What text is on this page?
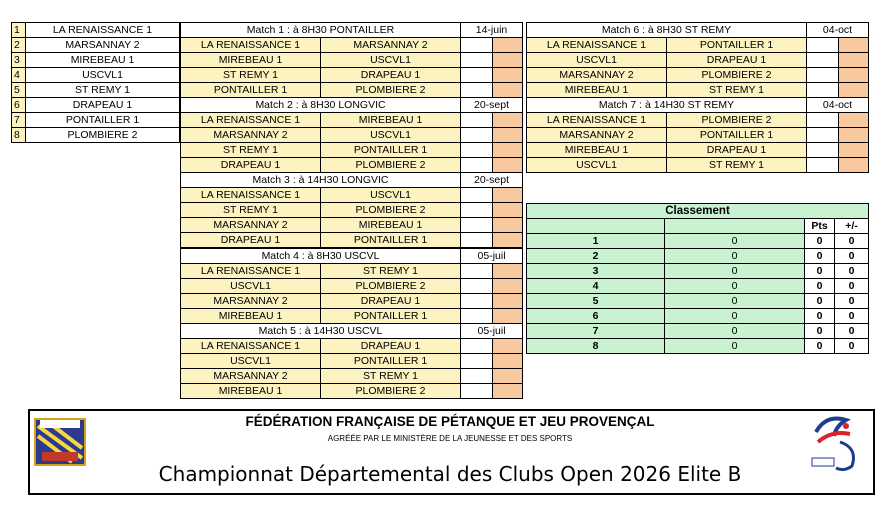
1	LA RENAISSANCE 1
2	MARSANNAY 2
3	MIREBEAU 1
4	USCVL1
5	ST REMY 1
6	DRAPEAU 1
7	PONTAILLER 1
8	PLOMBIERE 2
Match 1 : à 8H30 PONTAILLER		14-juin	
LA RENAISSANCE 1	MARSANNAY 2		
MIREBEAU 1	USCVL1		
ST REMY 1	DRAPEAU 1		
PONTAILLER 1	PLOMBIERE 2		
Match 2 : à 8H30 LONGVIC		20-sept	
LA RENAISSANCE 1	MIREBEAU 1		
MARSANNAY 2	USCVL1		
ST REMY 1	PONTAILLER 1		
DRAPEAU 1	PLOMBIERE 2		
Match 3 : à 14H30 LONGVIC		20-sept	
LA RENAISSANCE 1	USCVL1		
ST REMY 1	PLOMBIERE 2		
MARSANNAY 2	MIREBEAU 1		
DRAPEAU 1	PONTAILLER 1		
Match 4 : à 8H30 USCVL		05-juil	
LA RENAISSANCE 1	ST REMY 1		
USCVL1	PLOMBIERE 2		
MARSANNAY 2	DRAPEAU 1		
MIREBEAU 1	PONTAILLER 1		
Match 5 : à 14H30 USCVL		05-juil	
LA RENAISSANCE 1	DRAPEAU 1		
USCVL1	PONTAILLER 1		
MARSANNAY 2	ST REMY 1		
MIREBEAU 1	PLOMBIERE 2		
Match 6 : à 8H30 ST REMY		04-oct	
LA RENAISSANCE 1	PONTAILLER 1		
USCVL1	DRAPEAU 1		
MARSANNAY 2	PLOMBIERE 2		
MIREBEAU 1	ST REMY 1		
Match 7 : à 14H30 ST REMY		04-oct	
LA RENAISSANCE 1	PLOMBIERE 2		
MARSANNAY 2	PONTAILLER 1		
MIREBEAU 1	DRAPEAU 1		
USCVL1	ST REMY 1		
Classement			
		Pts	+/-
1	0	0	0
2	0	0	0
3	0	0	0
4	0	0	0
5	0	0	0
6	0	0	0
7	0	0	0
8	0	0	0
FÉDÉRATION FRANÇAISE DE PÉTANQUE ET JEU PROVENÇAL
AGRÉÉE PAR LE MINISTÈRE DE LA JEUNESSE ET DES SPORTS
Championnat Départemental des Clubs Open 2026 Elite B
